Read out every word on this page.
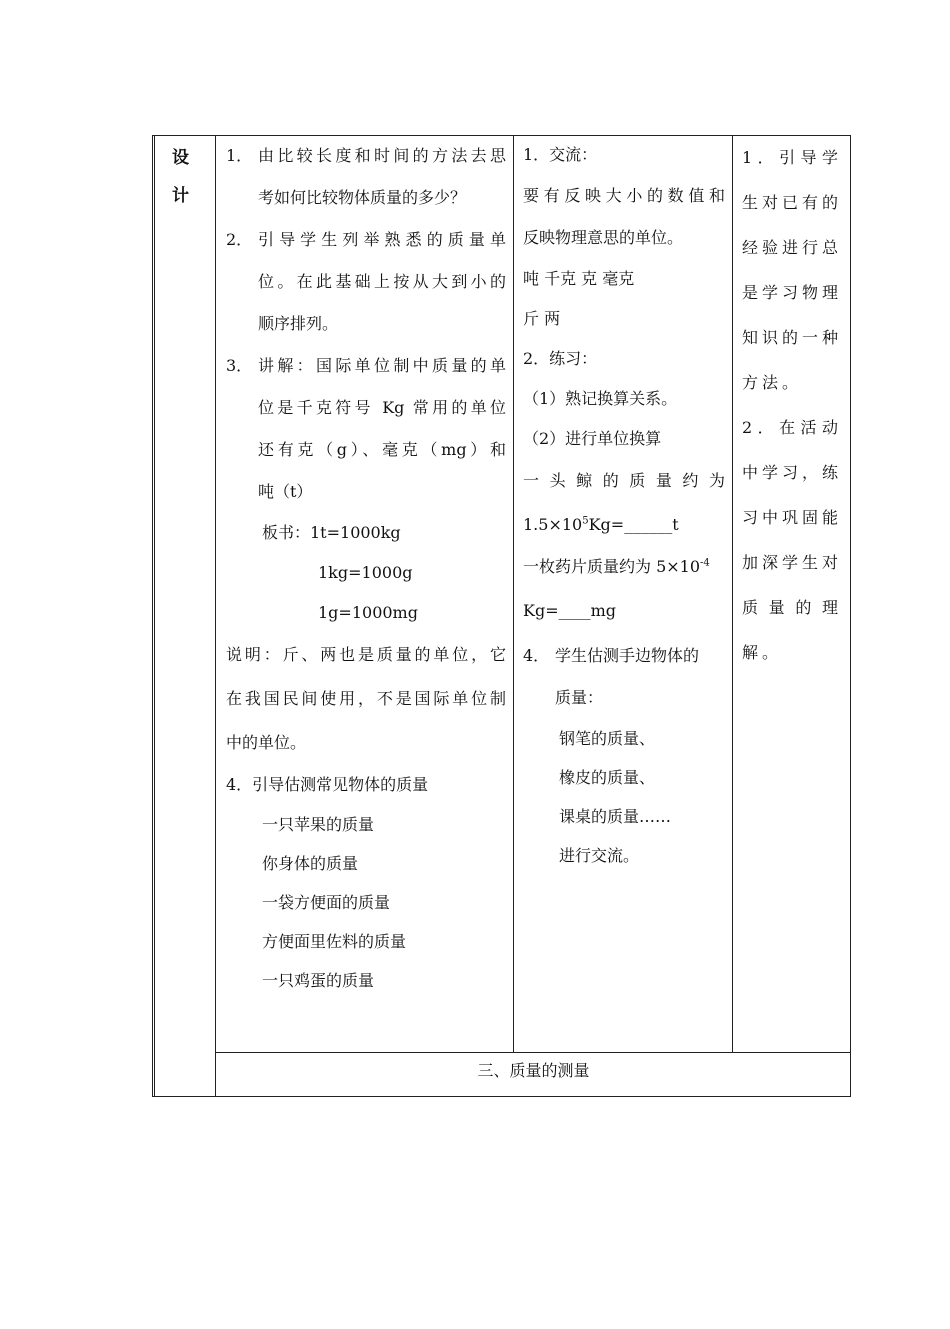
设
计
1． 由比较长度和时间的方法去思
考如何比较物体质量的多少？
2． 引导学生列举熟悉的质量单
位。在此基础上按从大到小的
顺序排列。
3． 讲解：国际单位制中质量的单
位是千克符号 Kg 常用的单位
还有克（g）、毫克（mg）和
吨（t）
板书：1t=1000kg
1kg=1000g
1g=1000mg
说明：斤、两也是质量的单位，它
在我国民间使用，不是国际单位制
中的单位。
4．引导估测常见物体的质量
一只苹果的质量
你身体的质量
一袋方便面的质量
方便面里佐料的质量
一只鸡蛋的质量
1．交流：
要有反映大小的数值和
反映物理意思的单位。
吨 千克 克 毫克
斤 两
2．练习：
（1）熟记换算关系。
（2）进行单位换算
一头鲸的质量约为
$1.5\times 10^5Kg=\_\_\_\_\_\_t$
一枚药片质量约为 $5\times 10^{-4}$
Kg=____mg
4． 学生估测手边物体的
质量：
钢笔的质量、
橡皮的质量、
课桌的质量……
进行交流。
1．引导学
生对已有的
经验进行总
是学习物理
知识的一种
方法。
2．在活动
中学习，练
习中巩固能
加深学生对
质量的理
解。
三、质量的测量
